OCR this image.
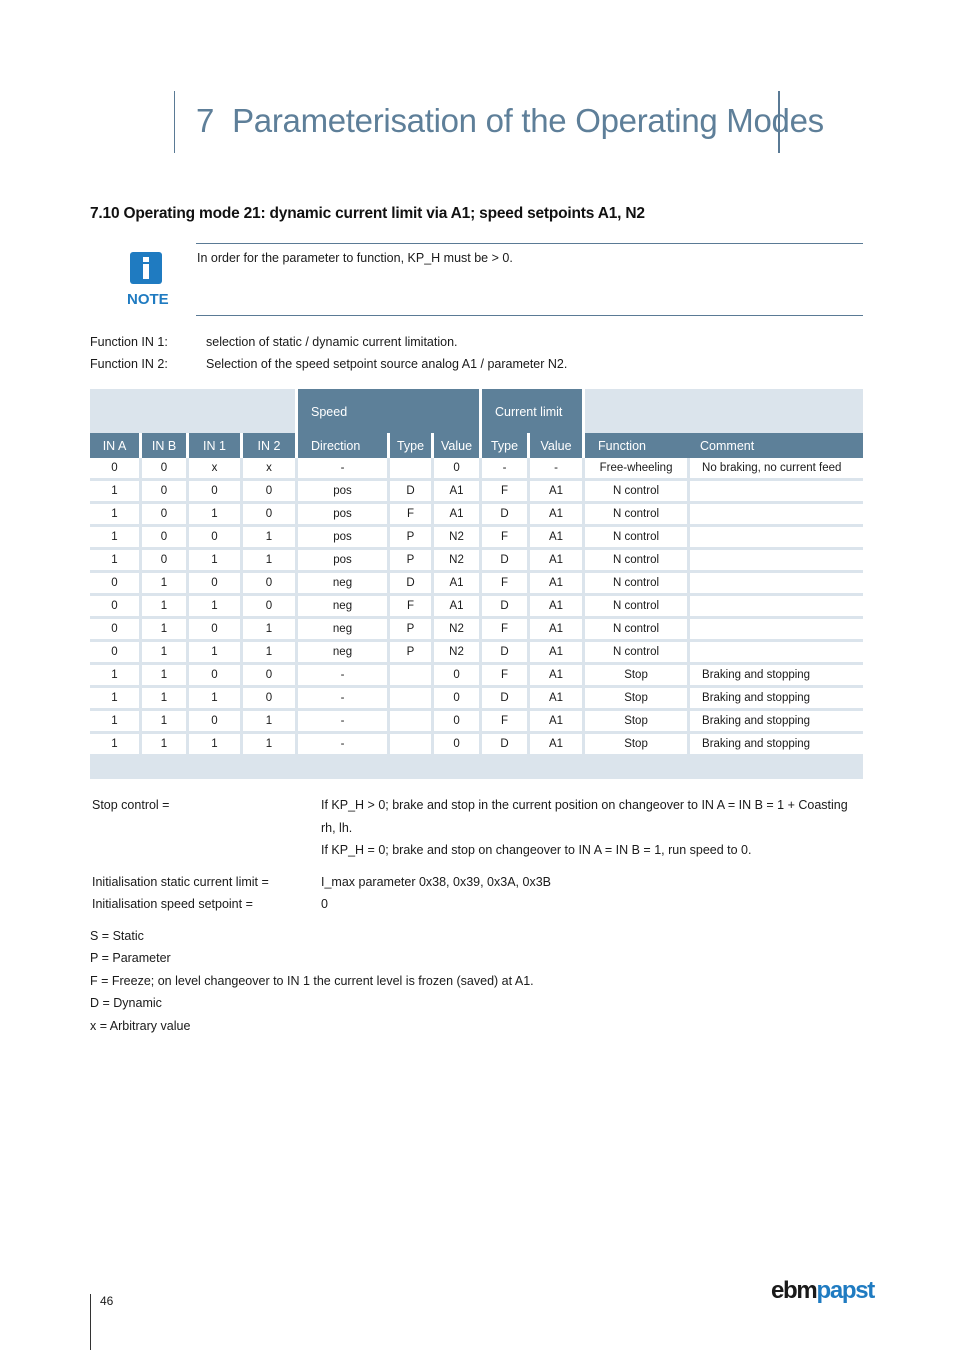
7 Parameterisation of the Operating Modes
7.10 Operating mode 21: dynamic current limit via A1; speed setpoints A1, N2
NOTE
In order for the parameter to function, KP_H must be > 0.
Function IN 1:	selection of static / dynamic current limitation.
Function IN 2:	Selection of the speed setpoint source analog A1 / parameter N2.
				Speed			Current limit			
IN A	IN B	IN 1	IN 2	Direction	Type	Value	Type	Value	Function	Comment
0	0	x	x	-		0	-	-	Free-wheeling	No braking, no current feed
1	0	0	0	pos	D	A1	F	A1	N control	
1	0	1	0	pos	F	A1	D	A1	N control	
1	0	0	1	pos	P	N2	F	A1	N control	
1	0	1	1	pos	P	N2	D	A1	N control	
0	1	0	0	neg	D	A1	F	A1	N control	
0	1	1	0	neg	F	A1	D	A1	N control	
0	1	0	1	neg	P	N2	F	A1	N control	
0	1	1	1	neg	P	N2	D	A1	N control	
1	1	0	0	-		0	F	A1	Stop	Braking and stopping
1	1	1	0	-		0	D	A1	Stop	Braking and stopping
1	1	0	1	-		0	F	A1	Stop	Braking and stopping
1	1	1	1	-		0	D	A1	Stop	Braking and stopping

Stop control =	If KP_H > 0; brake and stop in the current position on changeover to IN A = IN B = 1 + Coasting rh, lh.
If KP_H = 0; brake and stop on changeover to IN A = IN B = 1, run speed to 0.
Initialisation static current limit =	I_max parameter 0x38, 0x39, 0x3A, 0x3B
Initialisation speed setpoint =	0
S = Static
P = Parameter
F = Freeze; on level changeover to IN 1 the current level is frozen (saved) at A1.
D = Dynamic
x = Arbitrary value
46	ebmpapst
